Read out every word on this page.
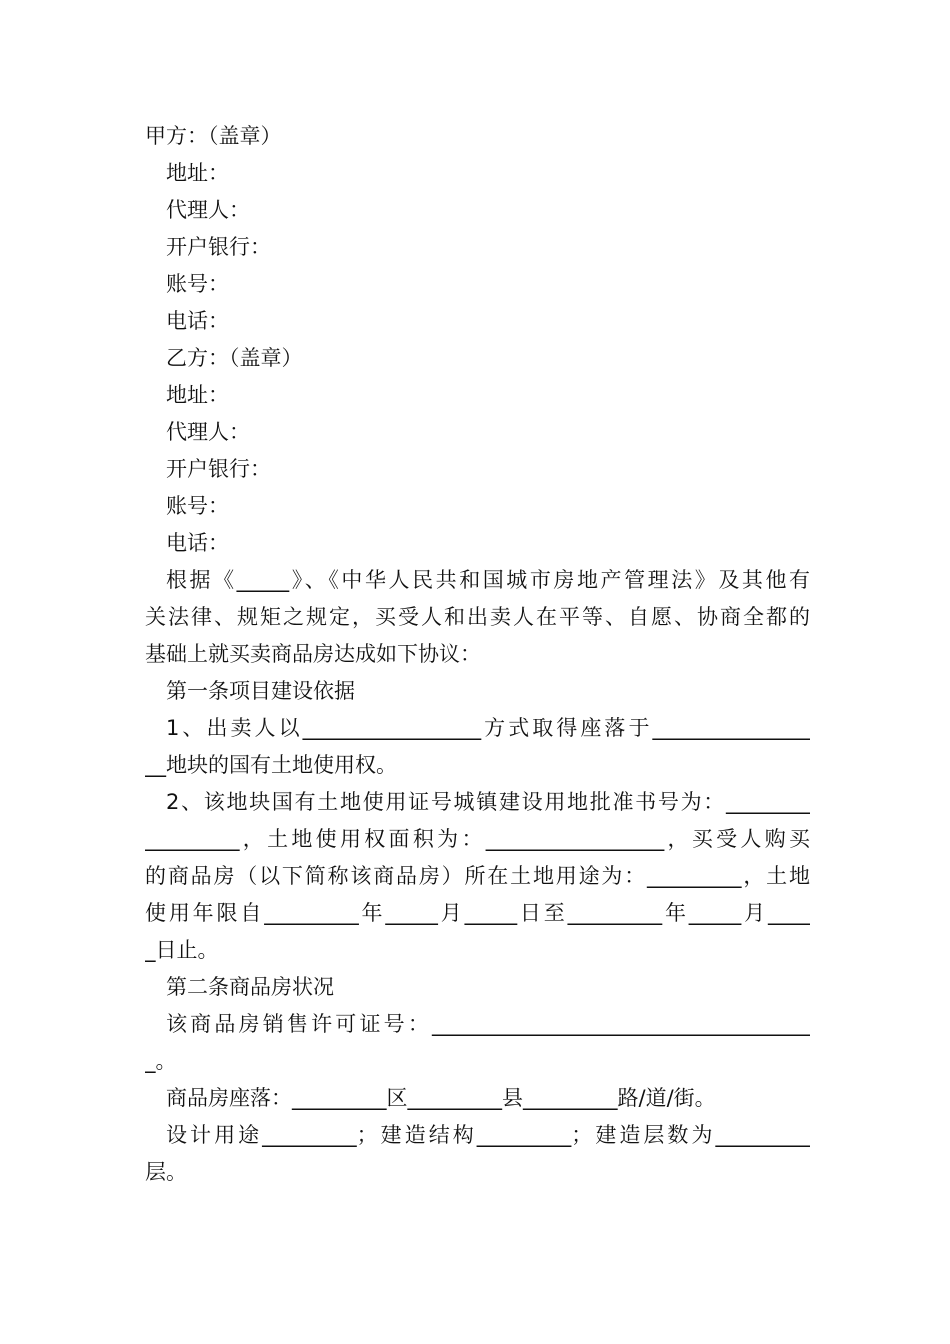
甲方：（盖章）
地址：
代理人：
开户银行：
账号：
电话：
乙方：（盖章）
地址：
代理人：
开户银行：
账号：
电话：
根据《_____》、《中华人民共和国城市房地产管理法》及其他有
关法律、规矩之规定，买受人和出卖人在平等、自愿、协商全都的
基础上就买卖商品房达成如下协议：
第一条项目建设依据
1、出卖人以_________________方式取得座落于_______________
__地块的国有土地使用权。
2、该地块国有土地使用证号城镇建设用地批准书号为：________
_________，土地使用权面积为：_________________，买受人购买
的商品房（以下简称该商品房）所在土地用途为：_________，土地
使用年限自_________年_____月_____日至_________年_____月____
_日止。
第二条商品房状况
该商品房销售许可证号：____________________________________
_。
商品房座落：_________区_________县_________路/道/街。
设计用途_________；建造结构_________；建造层数为_________
层。
